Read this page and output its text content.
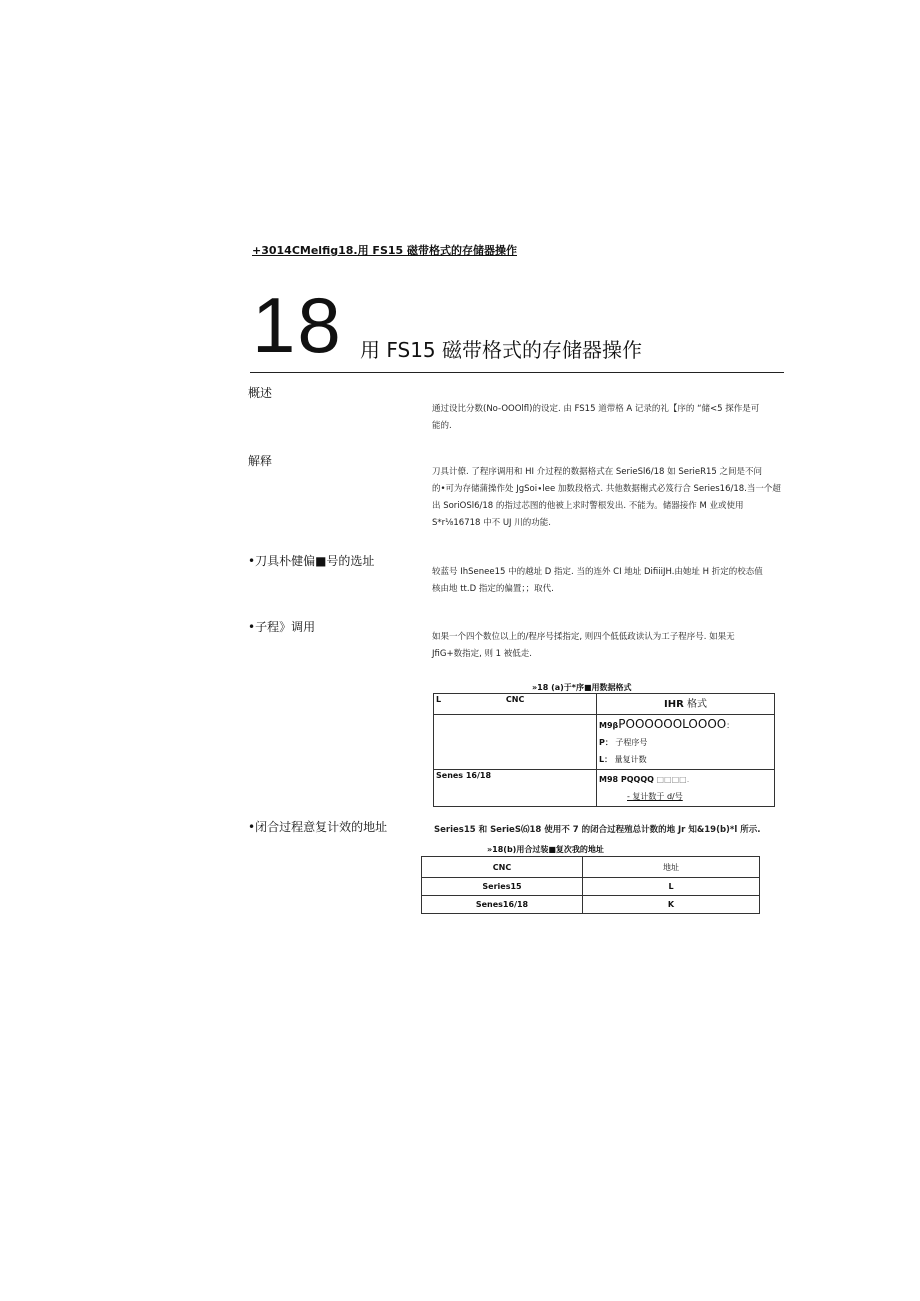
+3014CMelfig18.用 FS15 磁带格式的存储器操作
18 用 FS15 磁带格式的存储器操作
概述
通过设比分数(No-OOOlfl)的设定. 由 FS15 道带格 A 记录的礼【序的 “储<5 探作是可
能的.
解释
刀具计僚. 了程序调用和 HI 介过程的数据格式在 SerieSl6/18 如 SerieR15 之间是不问
的•可为存储蒲操作处 JgSoi∙lee 加数段格式. 共他数据榭式必笈行合 Series16/18.当一个超
出 SoriOSl6/18 的指过芯图的他被上求时警根发出. 不能为。储器接作 M 业或使用
S*r⅛16718 中不 UJ 川的功能.
•刀具朴健偏■号的选址
较蓝号 IhSenee15 中的越址 D 指定. 当的连外 CI 地址 DifiiiJH.由她址 H 折定的校态值
核由地 tt.D 指定的偏置；；取代.
•子程》调用
如果一个四个数位以上的/程序号揉指定, 则四个低低政读认为工子程序号. 如果无
JfiG+数指定, 则 1 被低走.
»18 (a)于*序■用数据格式
L CNC	IHR 格式

	M9βPOOOOOOLOOOO：
P： 子程序号
L： 量复计数

Senes 16/18	M98 PQQQQ □□□□.
- 复计数于 d/号
•闭合过程意复计效的地址	Series15 和 SerieS⑹18 使用不 7 的闭合过程殖总计数的地 Jr 知&19(b)*l 所示.
»18(b)用合过装■复次我的地址
CNC	地址
Series15	L
Senes16/18	K
